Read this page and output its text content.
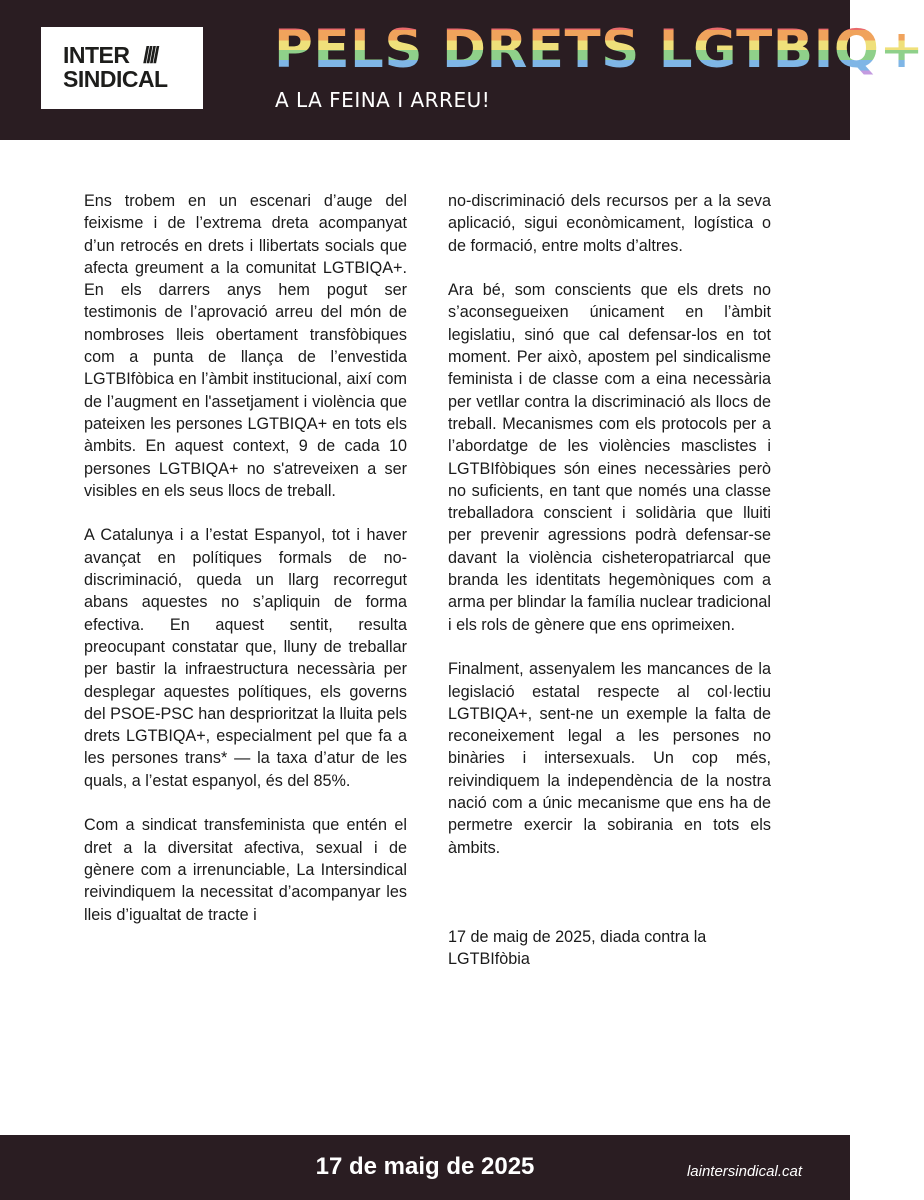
INTER ////
SINDICAL PELS DRETS LGTBIQ+
A LA FEINA I ARREU!

Ens trobem en un escenari d’auge del feixisme i de l’extrema dreta acompanyat d’un retrocés en drets i llibertats socials que afecta greument a la comunitat LGTBIQA+. En els darrers anys hem pogut ser testimonis de l’aprovació arreu del món de nombroses lleis obertament transfòbiques com a punta de llança de l’envestida LGTBIfòbica en l’àmbit institucional, així com de l’augment en l'assetjament i violència que pateixen les persones LGTBIQA+ en tots els àmbits. En aquest context, 9 de cada 10 persones LGTBIQA+ no s'atreveixen a ser visibles en els seus llocs de treball.

A Catalunya i a l’estat Espanyol, tot i haver avançat en polítiques formals de no-discriminació, queda un llarg recorregut abans aquestes no s’apliquin de forma efectiva. En aquest sentit, resulta preocupant constatar que, lluny de treballar per bastir la infraestructura necessària per desplegar aquestes polítiques, els governs del PSOE-PSC han desprioritzat la lluita pels drets LGTBIQA+, especialment pel que fa a les persones trans* — la taxa d’atur de les quals, a l’estat espanyol, és del 85%.

Com a sindicat transfeminista que entén el dret a la diversitat afectiva, sexual i de gènere com a irrenunciable, La Intersindical reivindiquem la necessitat d’acompanyar les lleis d’igualtat de tracte i

no-discriminació dels recursos per a la seva aplicació, sigui econòmicament, logística o de formació, entre molts d’altres.

Ara bé, som conscients que els drets no s’aconsegueixen únicament en l’àmbit legislatiu, sinó que cal defensar-los en tot moment. Per això, apostem pel sindicalisme feminista i de classe com a eina necessària per vetllar contra la discriminació als llocs de treball. Mecanismes com els protocols per a l’abordatge de les violències masclistes i LGTBIfòbiques són eines necessàries però no suficients, en tant que només una classe treballadora conscient i solidària que lluiti per prevenir agressions podrà defensar-se davant la violència cisheteropatriarcal que branda les identitats hegemòniques com a arma per blindar la família nuclear tradicional i els rols de gènere que ens oprimeixen.

Finalment, assenyalem les mancances de la legislació estatal respecte al col·lectiu LGTBIQA+, sent-ne un exemple la falta de reconeixement legal a les persones no binàries i intersexuals. Un cop més, reivindiquem la independència de la nostra nació com a únic mecanisme que ens ha de permetre exercir la sobirania en tots els àmbits.

17 de maig de 2025, diada contra la LGTBIfòbia

17 de maig de 2025	laintersindical.cat
